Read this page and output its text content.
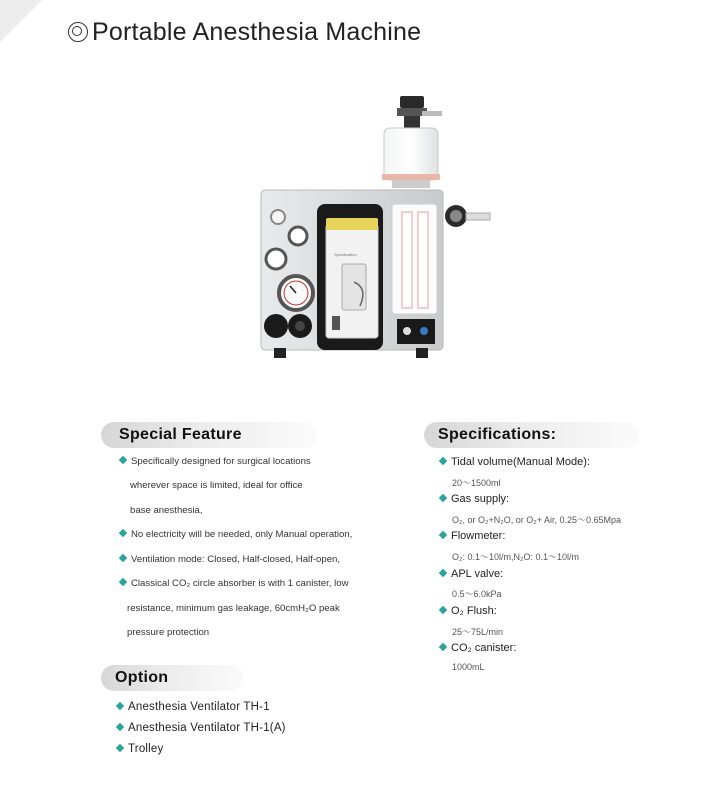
Portable Anesthesia Machine
Specification
Special Feature
Specifically designed for surgical locations
wherever space is limited, ideal for office
base anesthesia,
No electricity will be needed, only Manual operation,
Ventilation mode: Closed, Half-closed, Half-open,
Classical CO₂ circle absorber is with 1 canister, low
resistance, minimum gas leakage, 60cmH₂O peak
pressure protection
Specifications:
Tidal volume(Manual Mode):
20～1500ml
Gas supply:
O₂, or O₂+N₂O, or O₂+ Air, 0.25～0.65Mpa
Flowmeter:
O₂: 0.1～10l/m,N₂O: 0.1～10l/m
APL valve:
0.5～6.0kPa
O₂ Flush:
25～75L/min
CO₂ canister:
1000mL
Option
Anesthesia Ventilator TH-1
Anesthesia Ventilator TH-1(A)
Trolley
